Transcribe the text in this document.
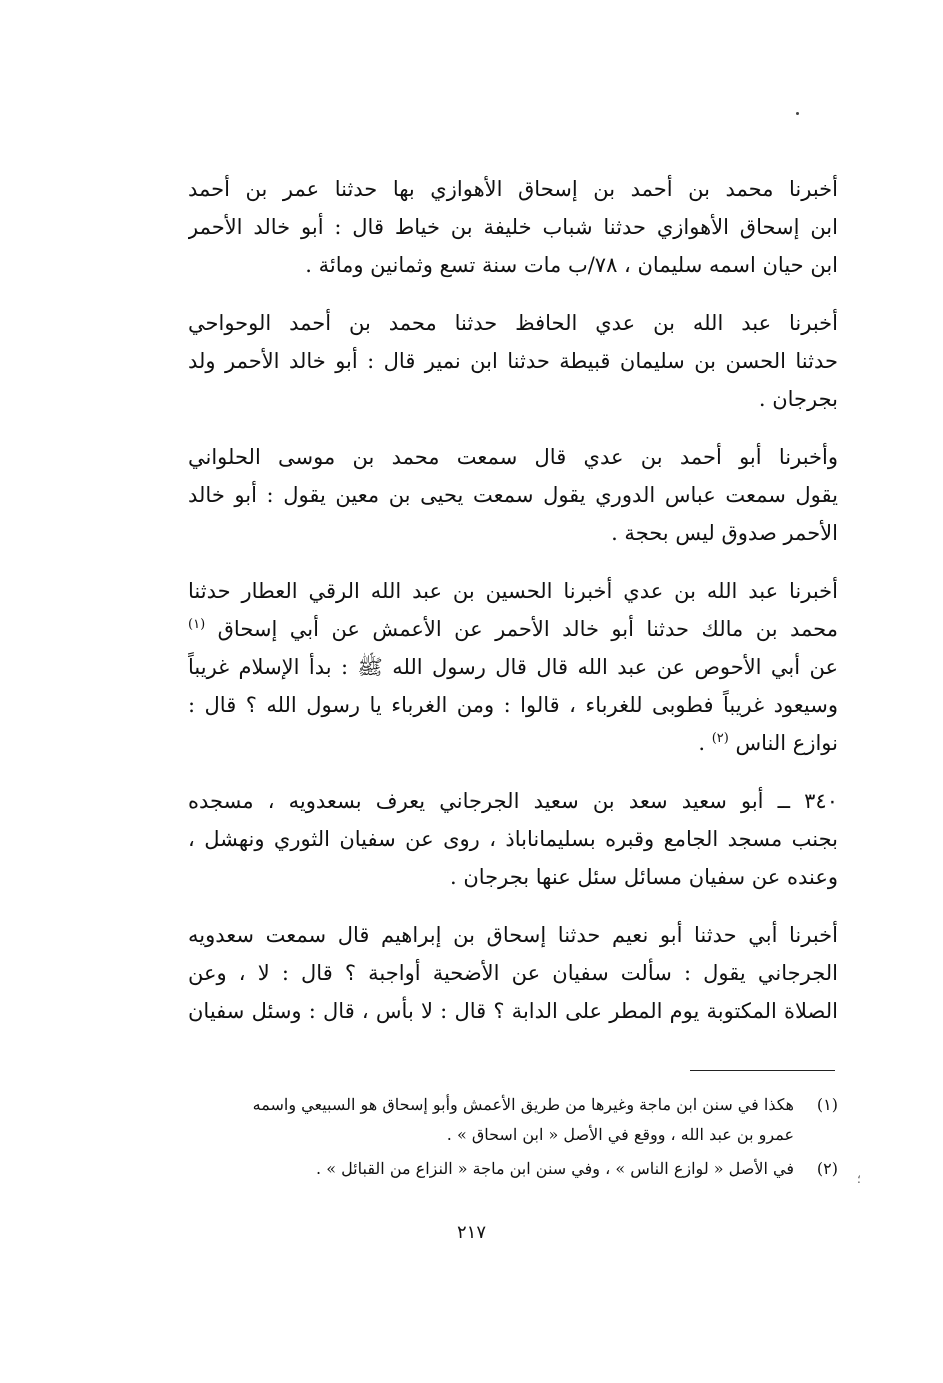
أخبرنا محمد بن أحمد بن إسحاق الأهوازي بها حدثنا عمر بن أحمد
ابن إسحاق الأهوازي حدثنا شباب خليفة بن خياط قال : أبو خالد الأحمر
ابن حيان اسمه سليمان ، ٧٨/ب مات سنة تسع وثمانين ومائة .
أخبرنا عبد الله بن عدي الحافظ حدثنا محمد بن أحمد الوحواحي
حدثنا الحسن بن سليمان قبيطة حدثنا ابن نمير قال : أبو خالد الأحمر ولد
بجرجان .
وأخبرنا أبو أحمد بن عدي قال سمعت محمد بن موسى الحلواني
يقول سمعت عباس الدوري يقول سمعت يحيى بن معين يقول : أبو خالد
الأحمر صدوق ليس بحجة .
أخبرنا عبد الله بن عدي أخبرنا الحسين بن عبد الله الرقي العطار حدثنا
محمد بن مالك حدثنا أبو خالد الأحمر عن الأعمش عن أبي إسحاق $^{(١)}$
عن أبي الأحوص عن عبد الله قال قال رسول الله ﷺ : بدأ الإسلام غريباً
وسيعود غريباً فطوبى للغرباء ، قالوا : ومن الغرباء يا رسول الله ؟ قال :
نوازع الناس $^{(٢)}$ .
٣٤٠ ــ أبو سعيد سعد بن سعيد الجرجاني يعرف بسعدويه ، مسجده
بجنب مسجد الجامع وقبره بسليماناباذ ، روى عن سفيان الثوري ونهشل ،
وعنده عن سفيان مسائل سئل عنها بجرجان .
أخبرنا أبي حدثنا أبو نعيم حدثنا إسحاق بن إبراهيم قال سمعت سعدويه
الجرجاني يقول : سألت سفيان عن الأضحية أواجبة ؟ قال : لا ، وعن
الصلاة المكتوبة يوم المطر على الدابة ؟ قال : لا بأس ، قال : وسئل سفيان
(١)
هكذا في سنن ابن ماجة وغيرها من طريق الأعمش وأبو إسحاق هو السبيعي واسمه
عمرو بن عبد الله ، ووقع في الأصل « ابن اسحاق » .
(٢)
في الأصل « لوازع الناس » ، وفي سنن ابن ماجة « النزاع من القبائل » .
؛
٢١٧
